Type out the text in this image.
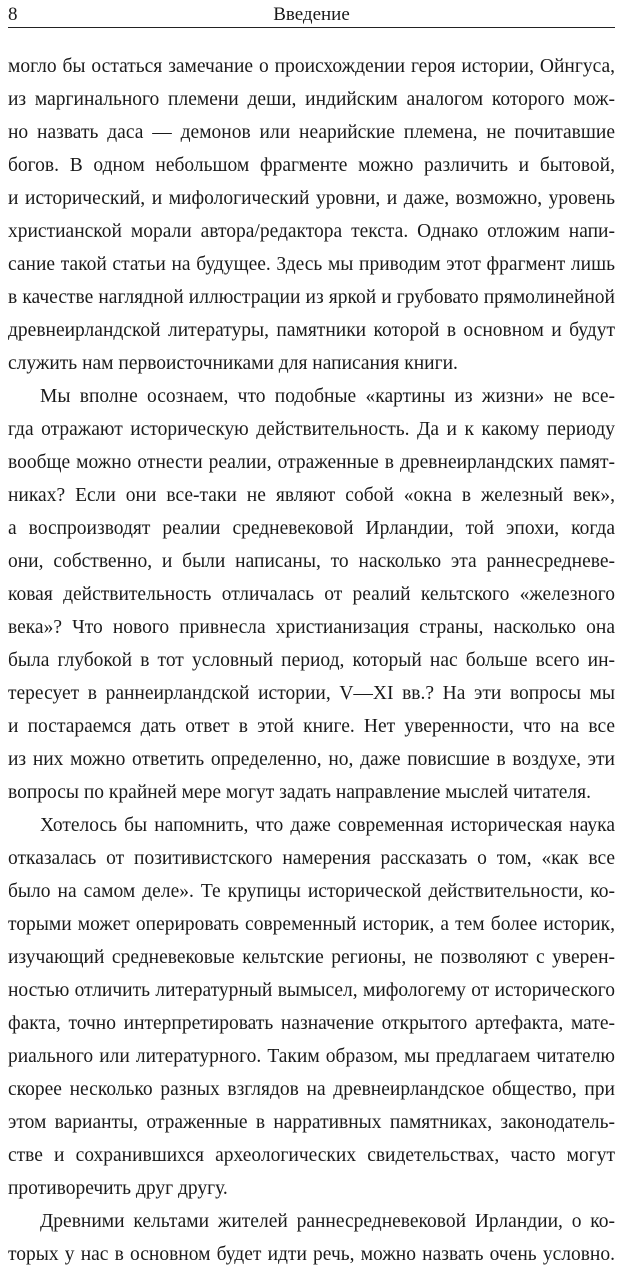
8	Введение
могло бы остаться замечание о происхождении героя истории, Ойнгуса,
из маргинального племени деши, индийским аналогом которого мож-
но назвать даса — демонов или неарийские племена, не почитавшие
богов. В одном небольшом фрагменте можно различить и бытовой,
и исторический, и мифологический уровни, и даже, возможно, уровень
христианской морали автора/редактора текста. Однако отложим напи-
сание такой статьи на будущее. Здесь мы приводим этот фрагмент лишь
в качестве наглядной иллюстрации из яркой и грубовато прямолинейной
древнеирландской литературы, памятники которой в основном и будут
служить нам первоисточниками для написания книги.
Мы вполне осознаем, что подобные «картины из жизни» не все-
гда отражают историческую действительность. Да и к какому периоду
вообще можно отнести реалии, отраженные в древнеирландских памят-
никах? Если они все-таки не являют собой «окна в железный век»,
а воспроизводят реалии средневековой Ирландии, той эпохи, когда
они, собственно, и были написаны, то насколько эта раннесредневе-
ковая действительность отличалась от реалий кельтского «железного
века»? Что нового привнесла христианизация страны, насколько она
была глубокой в тот условный период, который нас больше всего ин-
тересует в раннеирландской истории, V—XI вв.? На эти вопросы мы
и постараемся дать ответ в этой книге. Нет уверенности, что на все
из них можно ответить определенно, но, даже повисшие в воздухе, эти
вопросы по крайней мере могут задать направление мыслей читателя.
Хотелось бы напомнить, что даже современная историческая наука
отказалась от позитивистского намерения рассказать о том, «как все
было на самом деле». Те крупицы исторической действительности, ко-
торыми может оперировать современный историк, а тем более историк,
изучающий средневековые кельтские регионы, не позволяют с уверен-
ностью отличить литературный вымысел, мифологему от исторического
факта, точно интерпретировать назначение открытого артефакта, мате-
риального или литературного. Таким образом, мы предлагаем читателю
скорее несколько разных взглядов на древнеирландское общество, при
этом варианты, отраженные в нарративных памятниках, законодатель-
стве и сохранившихся археологических свидетельствах, часто могут
противоречить друг другу.
Древними кельтами жителей раннесредневековой Ирландии, о ко-
торых у нас в основном будет идти речь, можно назвать очень условно.
